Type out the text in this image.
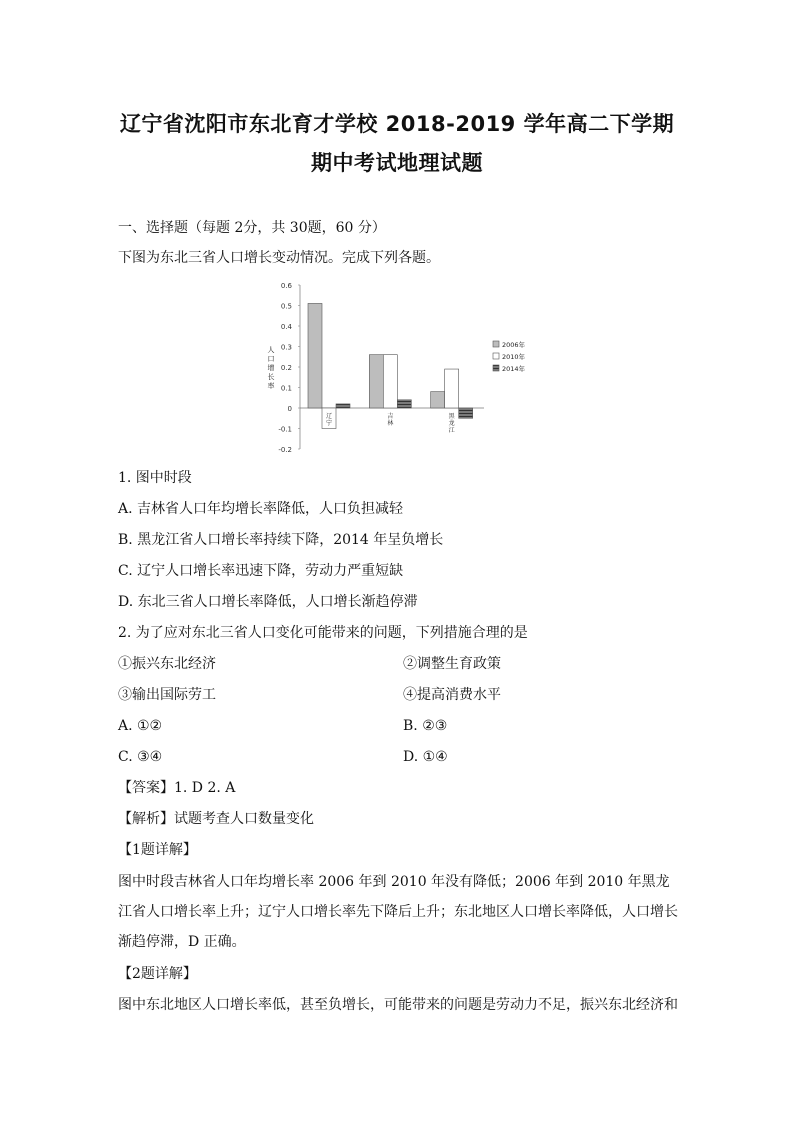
辽宁省沈阳市东北育才学校 2018-2019 学年高二下学期
期中考试地理试题
一、选择题（每题 2分，共 30题，60 分）
下图为东北三省人口增长变动情况。完成下列各题。
0.6
0.5
0.4
0.3
0.2
0.1
0
-0.1
-0.2
人
口
增
长
率
辽
宁
吉
林
黑
龙
江
2006年
2010年
2014年
1. 图中时段
A. 吉林省人口年均增长率降低，人口负担减轻
B. 黑龙江省人口增长率持续下降，2014 年呈负增长
C. 辽宁人口增长率迅速下降，劳动力严重短缺
D. 东北三省人口增长率降低，人口增长渐趋停滞
2. 为了应对东北三省人口变化可能带来的问题，下列措施合理的是
①振兴东北经济	②调整生育政策
③输出国际劳工	④提高消费水平
A. ①②	B. ②③
C. ③④	D. ①④
【答案】1. D 2. A
【解析】试题考查人口数量变化
【1题详解】
图中时段吉林省人口年均增长率 2006 年到 2010 年没有降低；2006 年到 2010 年黑龙江省人口增长率上升；辽宁人口增长率先下降后上升；东北地区人口增长率降低，人口增长渐趋停滞，D 正确。
【2题详解】
图中东北地区人口增长率低，甚至负增长，可能带来的问题是劳动力不足，振兴东北经济和
